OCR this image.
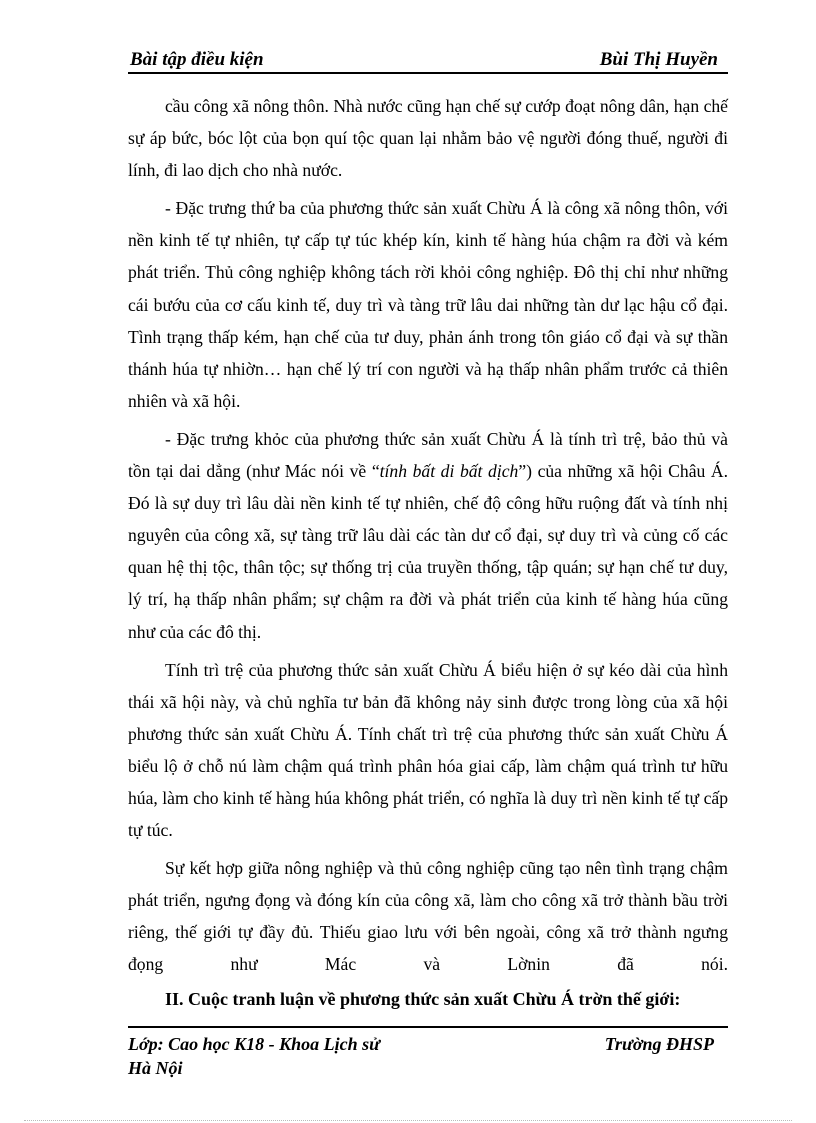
Bài tập điều kiện	Bùi Thị Huyền

cầu công xã nông thôn. Nhà nước cũng hạn chế sự cướp đoạt nông dân, hạn chế sự áp bức, bóc lột của bọn quí tộc quan lại nhằm bảo vệ người đóng thuế, người đi lính, đi lao dịch cho nhà nước.

- Đặc trưng thứ ba của phương thức sản xuất Chừu Á là công xã nông thôn, với nền kinh tế tự nhiên, tự cấp tự túc khép kín, kinh tế hàng húa chậm ra đời và kém phát triển. Thủ công nghiệp không tách rời khỏi công nghiệp. Đô thị chỉ như những cái bướu của cơ cấu kinh tế, duy trì và tàng trữ lâu dai những tàn dư lạc hậu cổ đại. Tình trạng thấp kém, hạn chế của tư duy, phản ánh trong tôn giáo cổ đại và sự thần thánh húa tự nhiờn… hạn chế lý trí con người và hạ thấp nhân phẩm trước cả thiên nhiên và xã hội.

- Đặc trưng khỏc của phương thức sản xuất Chừu Á là tính trì trệ, bảo thủ và tồn tại dai dẳng (như Mác nói về “tính bất di bất dịch”) của những xã hội Châu Á. Đó là sự duy trì lâu dài nền kinh tế tự nhiên, chế độ công hữu ruộng đất và tính nhị nguyên của công xã, sự tàng trữ lâu dài các tàn dư cổ đại, sự duy trì và củng cố các quan hệ thị tộc, thân tộc; sự thống trị của truyền thống, tập quán; sự hạn chế tư duy, lý trí, hạ thấp nhân phẩm; sự chậm ra đời và phát triển của kinh tế hàng húa cũng như của các đô thị.

Tính trì trệ của phương thức sản xuất Chừu Á biểu hiện ở sự kéo dài của hình thái xã hội này, và chủ nghĩa tư bản đã không nảy sinh được trong lòng của xã hội phương thức sản xuất Chừu Á. Tính chất trì trệ của phương thức sản xuất Chừu Á biểu lộ ở chỗ nú làm chậm quá trình phân hóa giai cấp, làm chậm quá trình tư hữu húa, làm cho kinh tế hàng húa không phát triển, có nghĩa là duy trì nền kinh tế tự cấp tự túc.

Sự kết hợp giữa nông nghiệp và thủ công nghiệp cũng tạo nên tình trạng chậm phát triển, ngưng đọng và đóng kín của công xã, làm cho công xã trở thành bầu trời riêng, thế giới tự đầy đủ. Thiếu giao lưu với bên ngoài, công xã trở thành ngưng đọng như Mác và Lờnin đã nói.

II. Cuộc tranh luận về phương thức sản xuất Chừu Á trờn thế giới:

Lớp: Cao học K18 - Khoa Lịch sử	Trường ĐHSP
Hà Nội
